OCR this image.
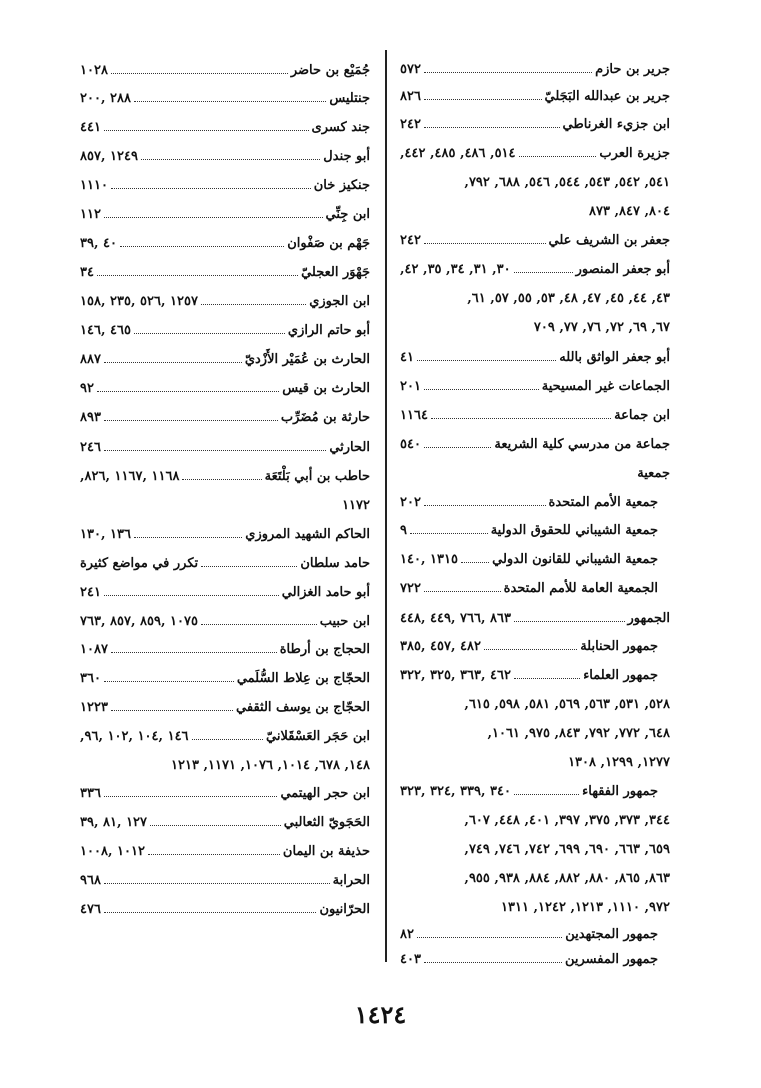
جرير بن حازم
٥٧٢
جرير بن عبدالله البَجَليّ
٨٢٦
ابن جزيء الغرناطي
٢٤٢
جزيرة العرب
٥١٤, ٤٨٦, ٤٨٥, ٤٤٢,
٥٤١, ٥٤٢, ٥٤٣, ٥٤٤, ٥٤٦, ٦٨٨, ٧٩٢,
٨٠٤, ٨٤٧, ٨٧٣
جعفر بن الشريف علي
٢٤٢
أبو جعفر المنصور
٣٠, ٣١, ٣٤, ٣٥, ٤٢,
٤٣, ٤٤, ٤٥, ٤٧, ٤٨, ٥٣, ٥٥, ٥٧, ٦١,
٦٧, ٦٩, ٧٢, ٧٦, ٧٧, ٧٠٩
أبو جعفر الواثق بالله
٤١
الجماعات غير المسيحية
٢٠١
ابن جماعة
١١٦٤
جماعة من مدرسي كلية الشريعة
٥٤٠
جمعية
جمعية الأمم المتحدة
٢٠٢
جمعية الشيباني للحقوق الدولية
٩
جمعية الشيباني للقانون الدولي
١٣١٥ ,١٤٠
الجمعية العامة للأمم المتحدة
٧٢٢
الجمهور
٨٦٣ ,٧٦٦ ,٤٤٩ ,٤٤٨
جمهور الحنابلة
٤٨٢ ,٤٥٧ ,٣٨٥
جمهور العلماء
٤٦٢ ,٣٦٣ ,٣٢٥ ,٣٢٢
٥٢٨, ٥٣١, ٥٦٣, ٥٦٩, ٥٨١, ٥٩٨, ٦١٥,
٦٤٨, ٧٧٢, ٧٩٢, ٨٤٣, ٩٧٥, ١٠٦١,
١٢٧٧, ١٢٩٩, ١٣٠٨
جمهور الفقهاء
٣٤٠ ,٣٣٩ ,٣٢٤ ,٣٢٣
٣٤٤, ٣٧٣, ٣٧٥, ٣٩٧, ٤٠١, ٤٤٨, ٦٠٧,
٦٥٩, ٦٦٣, ٦٩٠, ٦٩٩, ٧٤٢, ٧٤٦, ٧٤٩,
٨٦٣, ٨٦٥, ٨٨٠, ٨٨٢, ٨٨٤, ٩٣٨, ٩٥٥,
٩٧٢, ١١١٠, ١٢١٣, ١٢٤٢, ١٣١١
جمهور المجتهدين
٨٢
جمهور المفسرين
٤٠٣
جُمَيْع بن حاضر
١٠٢٨
جنتليس
٢٨٨ ,٢٠٠
جند كسرى
٤٤١
أبو جندل
١٢٤٩ ,٨٥٧
جنكيز خان
١١١٠
ابن جِنِّي
١١٢
جَهْم بن صَفْوان
٤٠ ,٣٩
جَهْوَر العجليّ
٣٤
ابن الجوزي
١٢٥٧ ,٥٢٦ ,٢٣٥ ,١٥٨
أبو حاتم الرازي
٤٦٥ ,١٤٦
الحارث بن عُمَيْر الأَزْديّ
٨٨٧
الحارث بن قيس
٩٢
حارثة بن مُضَرِّب
٨٩٣
الحارثي
٢٤٦
حاطب بن أبي بَلْتَعَة
١١٦٨ ,١١٦٧ ,٨٢٦,
١١٧٢
الحاكم الشهيد المروزي
١٣٦ ,١٣٠
حامد سلطان
تكرر في مواضع كثيرة
أبو حامد الغزالي
٢٤١
ابن حبيب
١٠٧٥ ,٨٥٩ ,٨٥٧ ,٧٦٣
الحجاج بن أرطاة
١٠٨٧
الحجّاج بن عِلاط السُّلَمي
٣٦٠
الحجّاج بن يوسف الثقفي
١٢٢٣
ابن حَجَر العَسْقَلانيّ
١٤٦ ,١٠٤ ,١٠٢ ,٩٦,
١٤٨, ٦٧٨, ١٠١٤, ١٠٧٦, ١١٧١, ١٢١٣
ابن حجر الهيتمي
٣٣٦
الحَجَويّ الثعالبي
١٢٧ ,٨١ ,٣٩
حذيفة بن اليمان
١٠١٢ ,١٠٠٨
الحرابة
٩٦٨
الحرّانيون
٤٧٦
١٤٢٤
